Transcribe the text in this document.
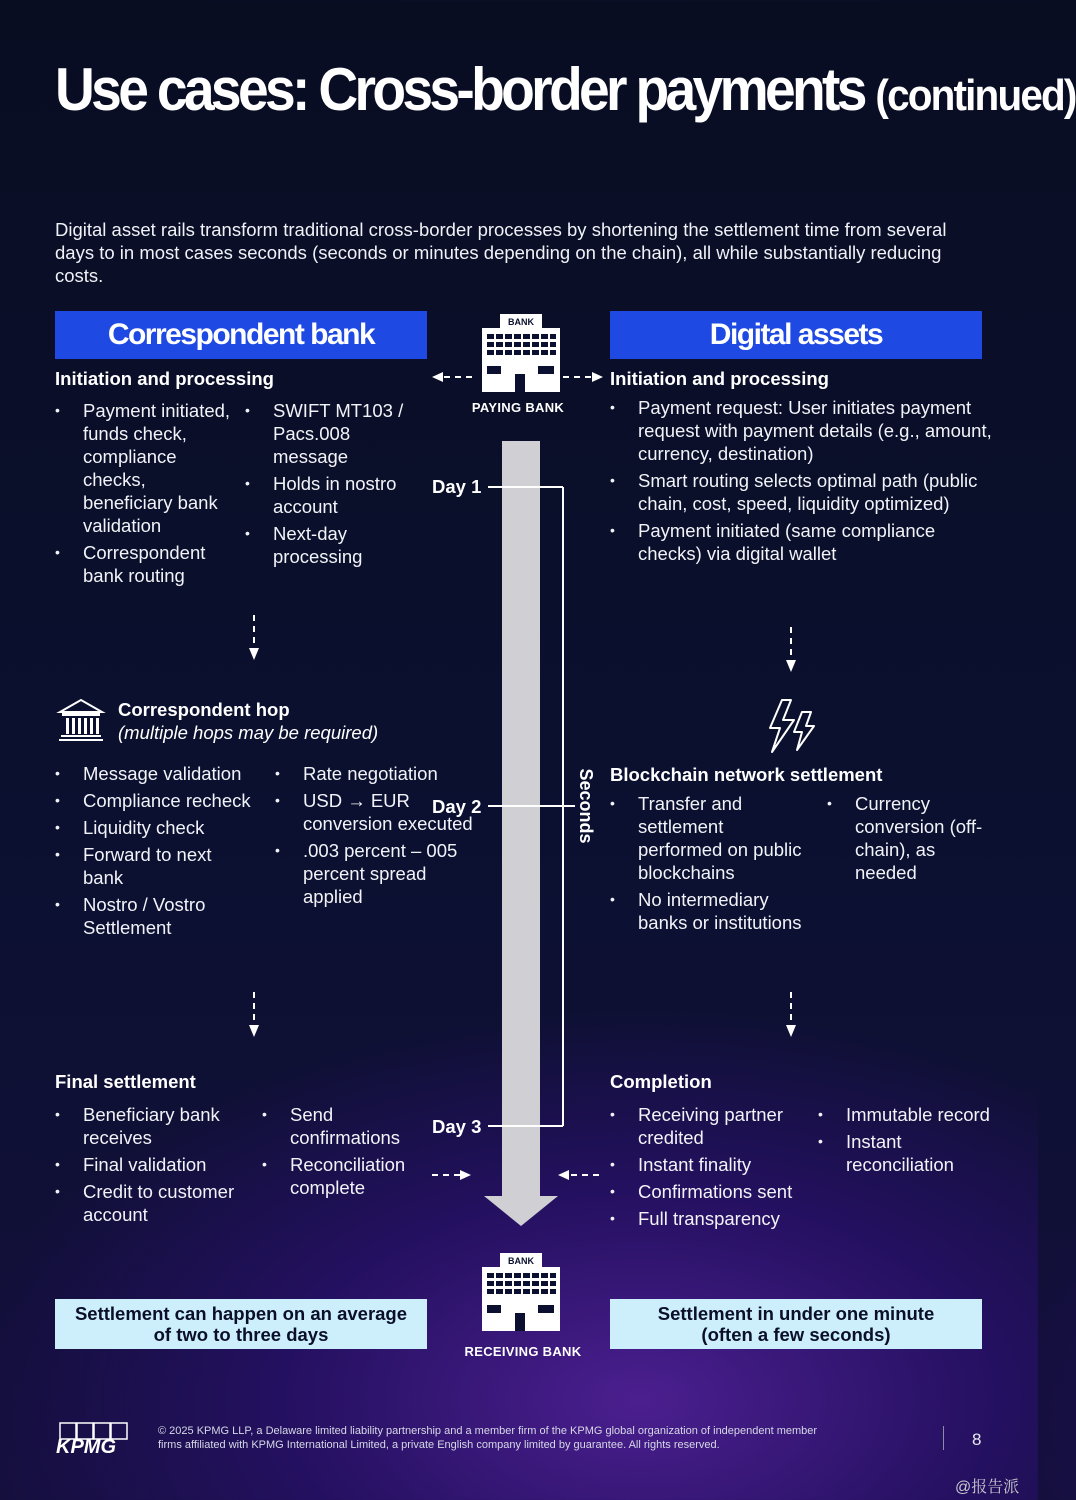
Use cases: Cross-border payments (continued)
Digital asset rails transform traditional cross-border processes by shortening the settlement time from several days to in most cases seconds (seconds or minutes depending on the chain), all while substantially reducing costs.
Correspondent bank	Digital assets
Initiation and processing
• Payment initiated, funds check, compliance checks, beneficiary bank validation
• Correspondent bank routing
• SWIFT MT103 / Pacs.008 message
• Holds in nostro account
• Next-day processing
Correspondent hop
(multiple hops may be required)
• Message validation
• Compliance recheck
• Liquidity check
• Forward to next bank
• Nostro / Vostro Settlement
• Rate negotiation
• USD → EUR conversion executed
• .003 percent – 005 percent spread applied
Final settlement
• Beneficiary bank receives
• Final validation
• Credit to customer account
• Send confirmations
• Reconciliation complete
Settlement can happen on an average
of two to three days
Initiation and processing
• Payment request: User initiates payment request with payment details (e.g., amount, currency, destination)
• Smart routing selects optimal path (public chain, cost, speed, liquidity optimized)
• Payment initiated (same compliance checks) via digital wallet
Blockchain network settlement
• Transfer and settlement performed on public blockchains
• No intermediary banks or institutions
• Currency conversion (off-chain), as needed
Completion
• Receiving partner credited
• Instant finality
• Confirmations sent
• Full transparency
• Immutable record
• Instant reconciliation
Settlement in under one minute
(often a few seconds)
BANK
BANK
Seconds
PAYING BANK
RECEIVING BANK
Day 1
Day 2
Day 3
KPMG
© 2025 KPMG LLP, a Delaware limited liability partnership and a member firm of the KPMG global organization of independent member firms affiliated with KPMG International Limited, a private English company limited by guarantee. All rights reserved.	8
@报告派
